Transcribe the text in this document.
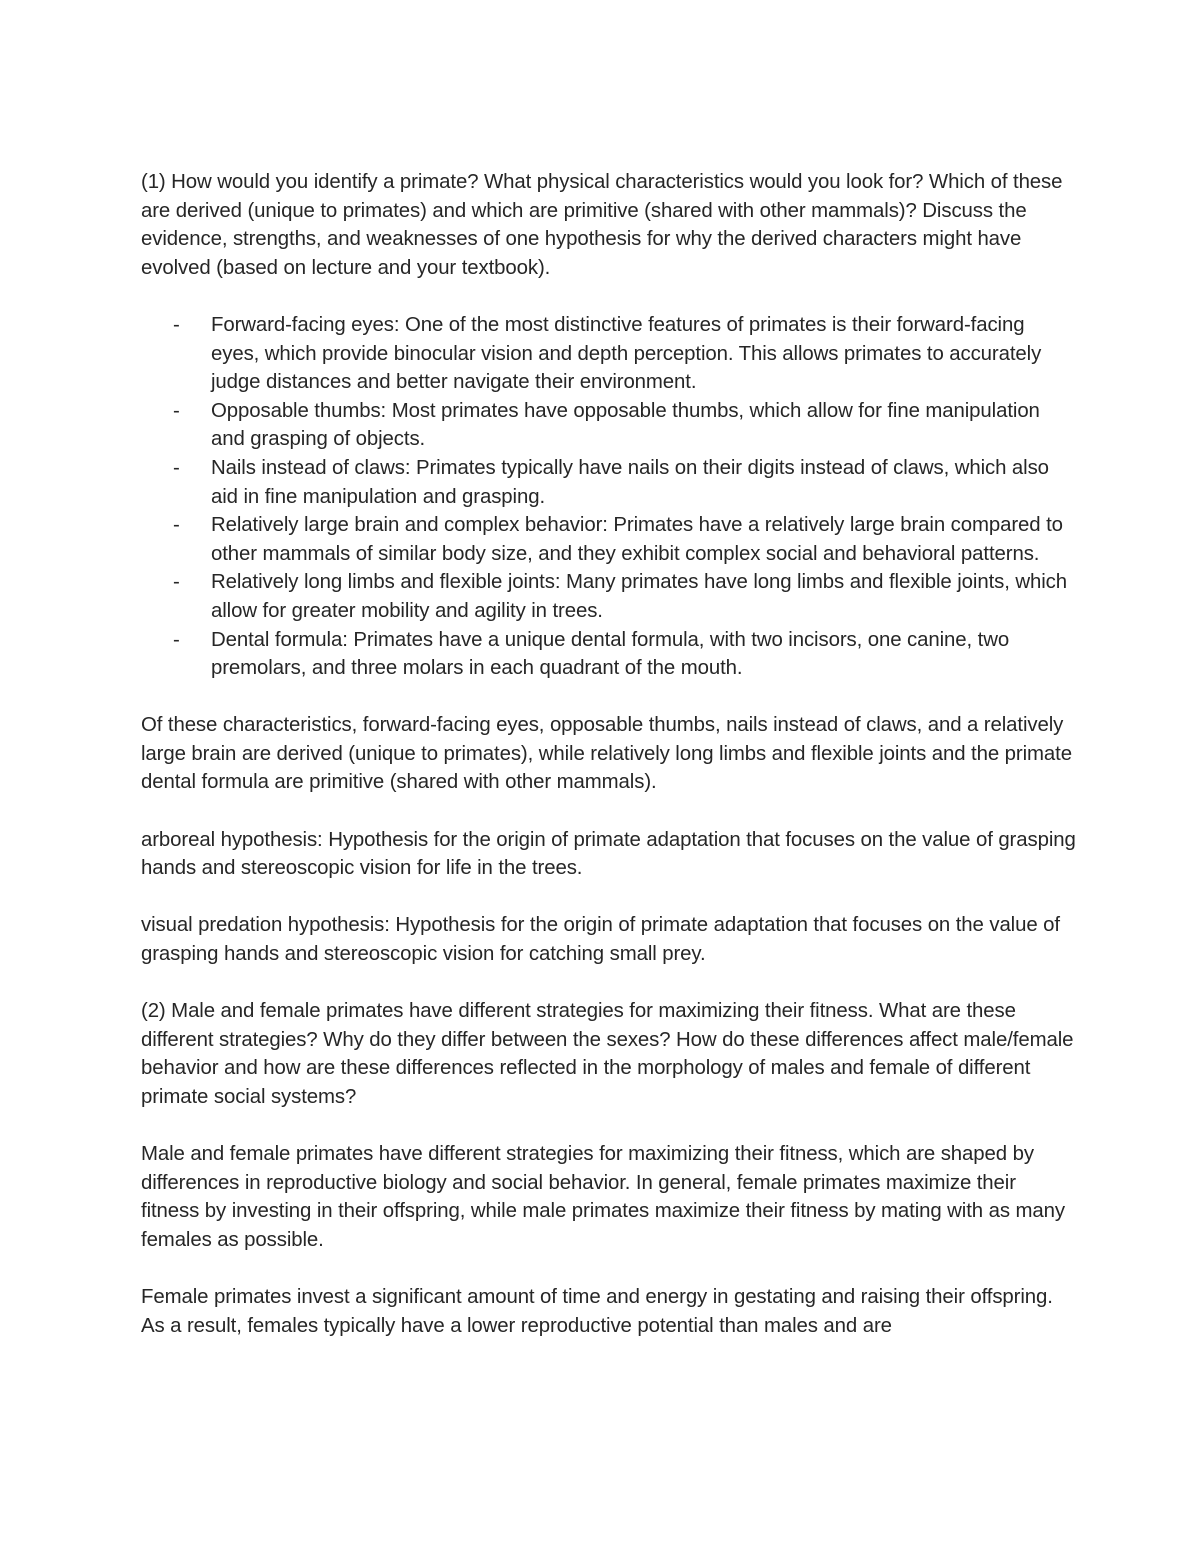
(1) How would you identify a primate? What physical characteristics would you look for? Which of these are derived (unique to primates) and which are primitive (shared with other mammals)? Discuss the evidence, strengths, and weaknesses of one hypothesis for why the derived characters might have evolved (based on lecture and your textbook).

- Forward-facing eyes: One of the most distinctive features of primates is their forward-facing eyes, which provide binocular vision and depth perception. This allows primates to accurately judge distances and better navigate their environment.
- Opposable thumbs: Most primates have opposable thumbs, which allow for fine manipulation and grasping of objects.
- Nails instead of claws: Primates typically have nails on their digits instead of claws, which also aid in fine manipulation and grasping.
- Relatively large brain and complex behavior: Primates have a relatively large brain compared to other mammals of similar body size, and they exhibit complex social and behavioral patterns.
- Relatively long limbs and flexible joints: Many primates have long limbs and flexible joints, which allow for greater mobility and agility in trees.
- Dental formula: Primates have a unique dental formula, with two incisors, one canine, two premolars, and three molars in each quadrant of the mouth.

Of these characteristics, forward-facing eyes, opposable thumbs, nails instead of claws, and a relatively large brain are derived (unique to primates), while relatively long limbs and flexible joints and the primate dental formula are primitive (shared with other mammals).

arboreal hypothesis: Hypothesis for the origin of primate adaptation that focuses on the value of grasping hands and stereoscopic vision for life in the trees.

visual predation hypothesis: Hypothesis for the origin of primate adaptation that focuses on the value of grasping hands and stereoscopic vision for catching small prey.

(2) Male and female primates have different strategies for maximizing their fitness. What are these different strategies? Why do they differ between the sexes? How do these differences affect male/female behavior and how are these differences reflected in the morphology of males and female of different primate social systems?

Male and female primates have different strategies for maximizing their fitness, which are shaped by differences in reproductive biology and social behavior. In general, female primates maximize their fitness by investing in their offspring, while male primates maximize their fitness by mating with as many females as possible.

Female primates invest a significant amount of time and energy in gestating and raising their offspring. As a result, females typically have a lower reproductive potential than males and are
